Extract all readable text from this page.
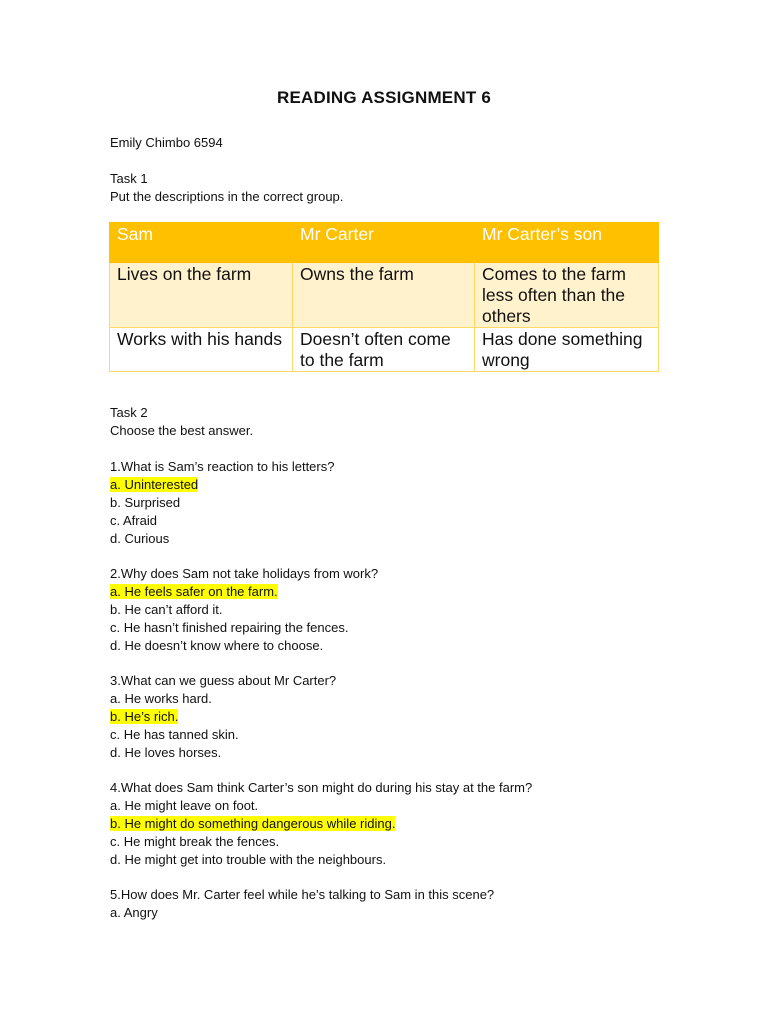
READING ASSIGNMENT 6
Emily Chimbo 6594
Task 1
Put the descriptions in the correct group.
Sam	Mr Carter	Mr Carter’s son
Lives on the farm	Owns the farm	Comes to the farm less often than the others
Works with his hands	Doesn’t often come to the farm	Has done something wrong
Task 2
Choose the best answer.
1.What is Sam’s reaction to his letters?
a. Uninterested
b. Surprised
c. Afraid
d. Curious
2.Why does Sam not take holidays from work?
a. He feels safer on the farm.
b. He can’t afford it.
c. He hasn’t finished repairing the fences.
d. He doesn’t know where to choose.
3.What can we guess about Mr Carter?
a. He works hard.
b. He’s rich.
c. He has tanned skin.
d. He loves horses.
4.What does Sam think Carter’s son might do during his stay at the farm?
a. He might leave on foot.
b. He might do something dangerous while riding.
c. He might break the fences.
d. He might get into trouble with the neighbours.
5.How does Mr. Carter feel while he’s talking to Sam in this scene?
a. Angry
